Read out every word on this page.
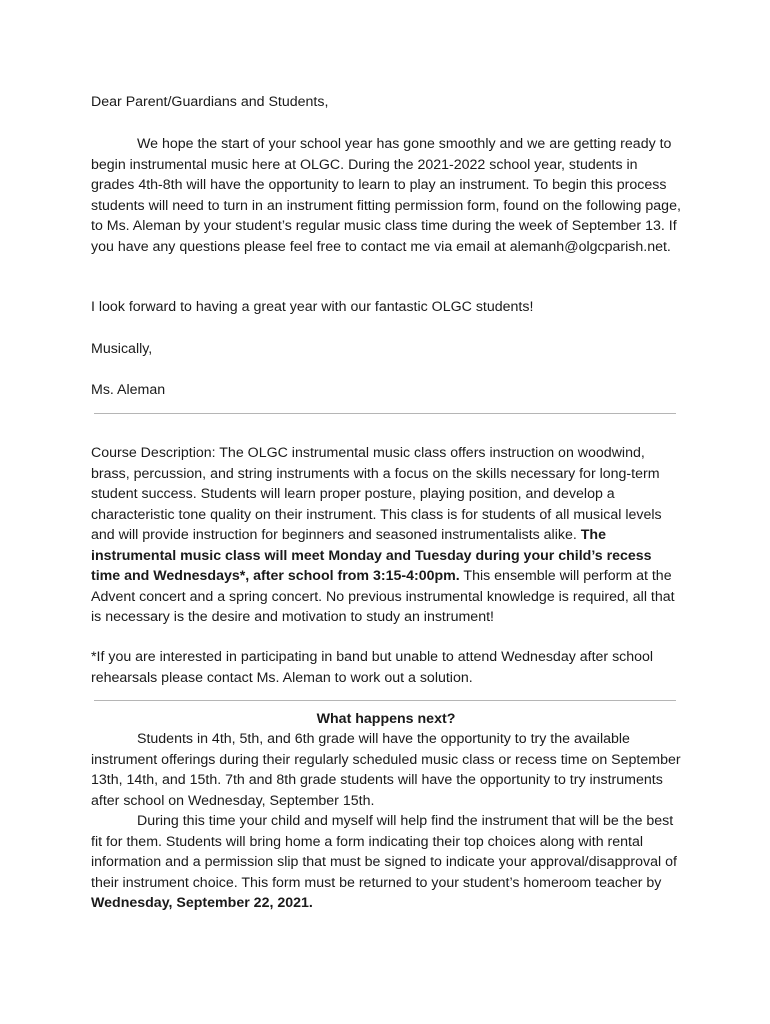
Dear Parent/Guardians and Students,

We hope the start of your school year has gone smoothly and we are getting ready to begin instrumental music here at OLGC. During the 2021-2022 school year, students in grades 4th-8th will have the opportunity to learn to play an instrument. To begin this process students will need to turn in an instrument fitting permission form, found on the following page, to Ms. Aleman by your student’s regular music class time during the week of September 13. If you have any questions please feel free to contact me via email at alemanh@olgcparish.net.

I look forward to having a great year with our fantastic OLGC students!

Musically,

Ms. Aleman

Course Description: The OLGC instrumental music class offers instruction on woodwind, brass, percussion, and string instruments with a focus on the skills necessary for long-term student success. Students will learn proper posture, playing position, and develop a characteristic tone quality on their instrument. This class is for students of all musical levels and will provide instruction for beginners and seasoned instrumentalists alike. The instrumental music class will meet Monday and Tuesday during your child’s recess time and Wednesdays*, after school from 3:15-4:00pm. This ensemble will perform at the Advent concert and a spring concert. No previous instrumental knowledge is required, all that is necessary is the desire and motivation to study an instrument!

*If you are interested in participating in band but unable to attend Wednesday after school rehearsals please contact Ms. Aleman to work out a solution.

What happens next?

Students in 4th, 5th, and 6th grade will have the opportunity to try the available instrument offerings during their regularly scheduled music class or recess time on September 13th, 14th, and 15th. 7th and 8th grade students will have the opportunity to try instruments after school on Wednesday, September 15th.

During this time your child and myself will help find the instrument that will be the best fit for them. Students will bring home a form indicating their top choices along with rental information and a permission slip that must be signed to indicate your approval/disapproval of their instrument choice. This form must be returned to your student’s homeroom teacher by Wednesday, September 22, 2021.
